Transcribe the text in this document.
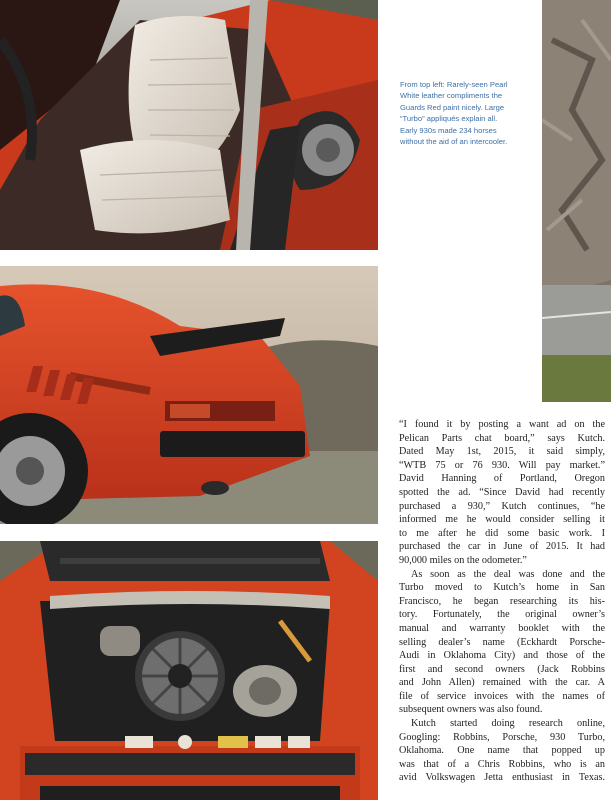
From top left: Rarely-seen Pearl
White leather compliments the
Guards Red paint nicely. Large
“Turbo” appliqués explain all.
Early 930s made 234 horses
without the aid of an intercooler.
“I found it by posting a want ad on the
Pelican Parts chat board,” says Kutch.
Dated May 1st, 2015, it said simply,
“WTB 75 or 76 930. Will pay market.”
David Hanning of Portland, Oregon
spotted the ad. “Since David had recently
purchased a 930,” Kutch continues, “he
informed me he would consider selling it
to me after he did some basic work. I
purchased the car in June of 2015. It had
90,000 miles on the odometer.”
As soon as the deal was done and the
Turbo moved to Kutch’s home in San
Francisco, he began researching its his-
tory. Fortunately, the original owner’s
manual and warranty booklet with the
selling dealer’s name (Eckhardt Porsche-
Audi in Oklahoma City) and those of the
first and second owners (Jack Robbins
and John Allen) remained with the car. A
file of service invoices with the names of
subsequent owners was also found.
Kutch started doing research online,
Googling: Robbins, Porsche, 930 Turbo,
Oklahoma. One name that popped up
was that of a Chris Robbins, who is an
avid Volkswagen Jetta enthusiast in Texas.
